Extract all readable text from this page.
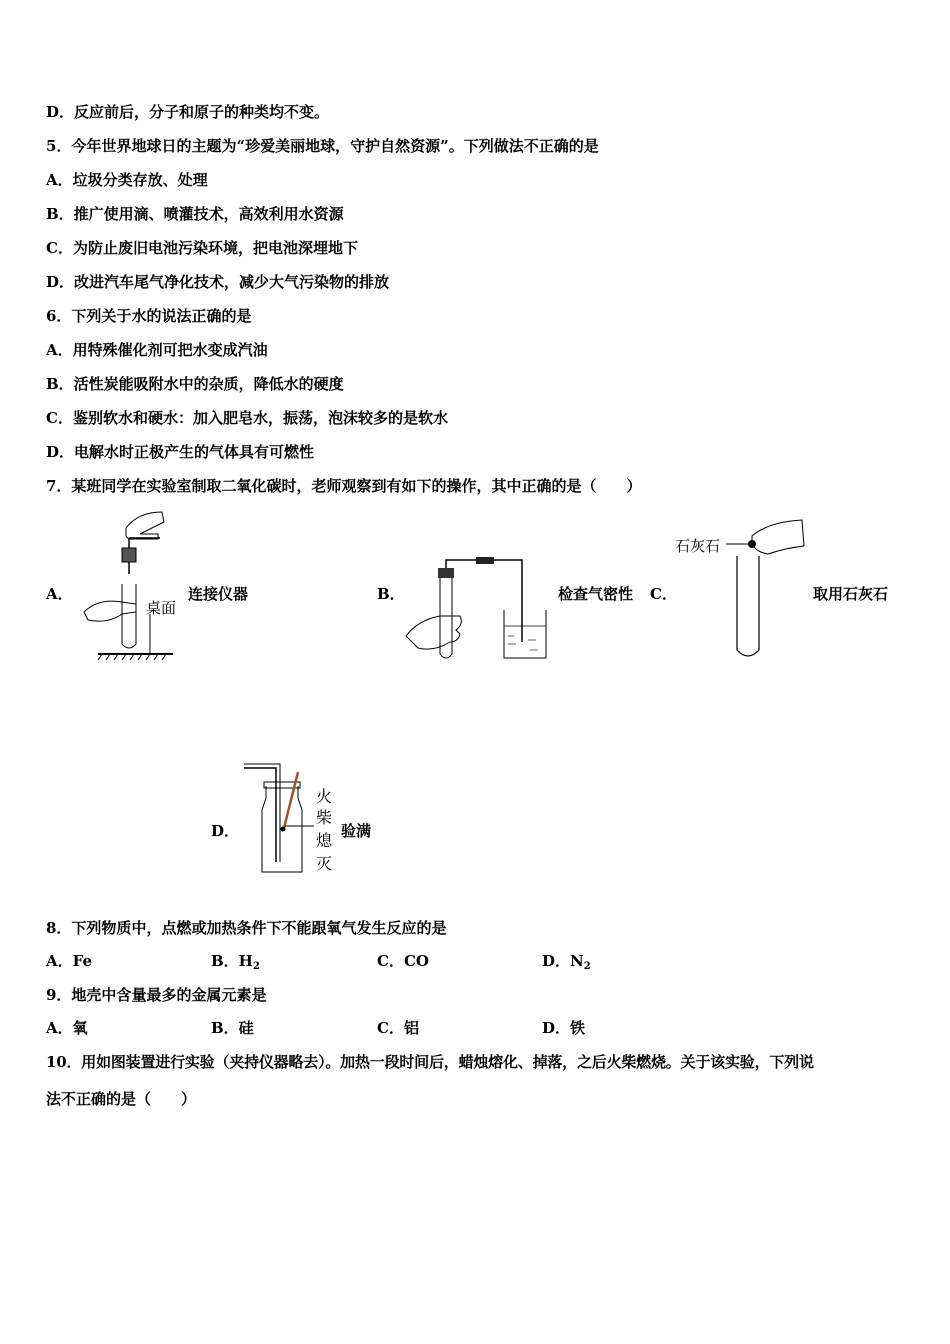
D．反应前后，分子和原子的种类均不变。
5．今年世界地球日的主题为“珍爱美丽地球，守护自然资源”。下列做法不正确的是
A．垃圾分类存放、处理
B．推广使用滴、喷灌技术，高效利用水资源
C．为防止废旧电池污染环境，把电池深埋地下
D．改进汽车尾气净化技术，减少大气污染物的排放
6．下列关于水的说法正确的是
A．用特殊催化剂可把水变成汽油
B．活性炭能吸附水中的杂质，降低水的硬度
C．鉴别软水和硬水：加入肥皂水，振荡，泡沫较多的是软水
D．电解水时正极产生的气体具有可燃性
7．某班同学在实验室制取二氧化碳时，老师观察到有如下的操作，其中正确的是（　　）
A．
桌面
连接仪器	B．	检查气密性 C．
石灰石
取用石灰石
D．
火
柴
熄
灭
验满
8．下列物质中，点燃或加热条件下不能跟氧气发生反应的是
A．Fe	B．$H_2$	C．CO	D．$N_2$
9．地壳中含量最多的金属元素是
A．氧	B．硅	C．铝	D．铁
10．用如图装置进行实验（夹持仪器略去）。加热一段时间后，蜡烛熔化、掉落，之后火柴燃烧。关于该实验，下列说
法不正确的是（　　）
